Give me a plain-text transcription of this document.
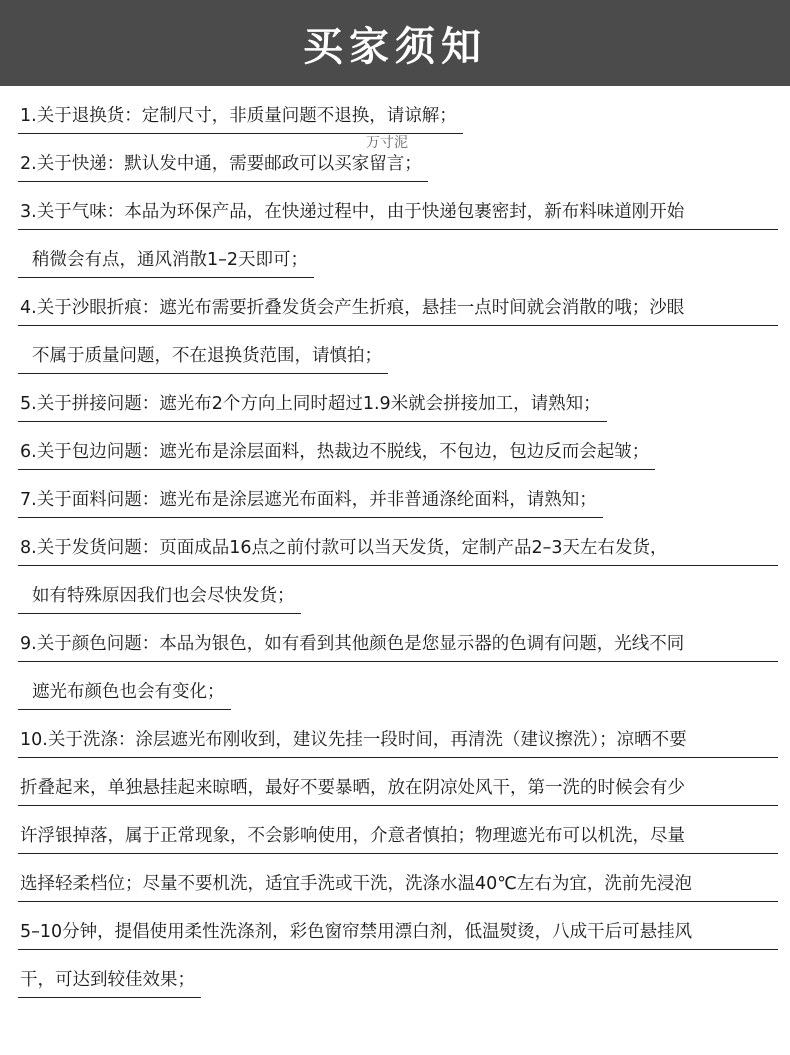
买家须知
万寸泥
1.关于退换货：定制尺寸，非质量问题不退换，请谅解；
2.关于快递：默认发中通，需要邮政可以买家留言；
3.关于气味：本品为环保产品，在快递过程中，由于快递包裹密封，新布料味道刚开始
稍微会有点，通风消散1–2天即可；
4.关于沙眼折痕：遮光布需要折叠发货会产生折痕，悬挂一点时间就会消散的哦；沙眼
不属于质量问题，不在退换货范围，请慎拍；
5.关于拼接问题：遮光布2个方向上同时超过1.9米就会拼接加工，请熟知；
6.关于包边问题：遮光布是涂层面料，热裁边不脱线，不包边，包边反而会起皱；
7.关于面料问题：遮光布是涂层遮光布面料，并非普通涤纶面料，请熟知；
8.关于发货问题：页面成品16点之前付款可以当天发货，定制产品2–3天左右发货，
如有特殊原因我们也会尽快发货；
9.关于颜色问题：本品为银色，如有看到其他颜色是您显示器的色调有问题，光线不同
遮光布颜色也会有变化；
10.关于洗涤：涂层遮光布刚收到，建议先挂一段时间，再清洗（建议擦洗）；凉晒不要
折叠起来，单独悬挂起来晾晒，最好不要暴晒，放在阴凉处风干，第一洗的时候会有少
许浮银掉落，属于正常现象，不会影响使用，介意者慎拍；物理遮光布可以机洗，尽量
选择轻柔档位；尽量不要机洗，适宜手洗或干洗，洗涤水温40℃左右为宜，洗前先浸泡
5–10分钟，提倡使用柔性洗涤剂，彩色窗帘禁用漂白剂，低温熨烫，八成干后可悬挂风
干，可达到较佳效果；
